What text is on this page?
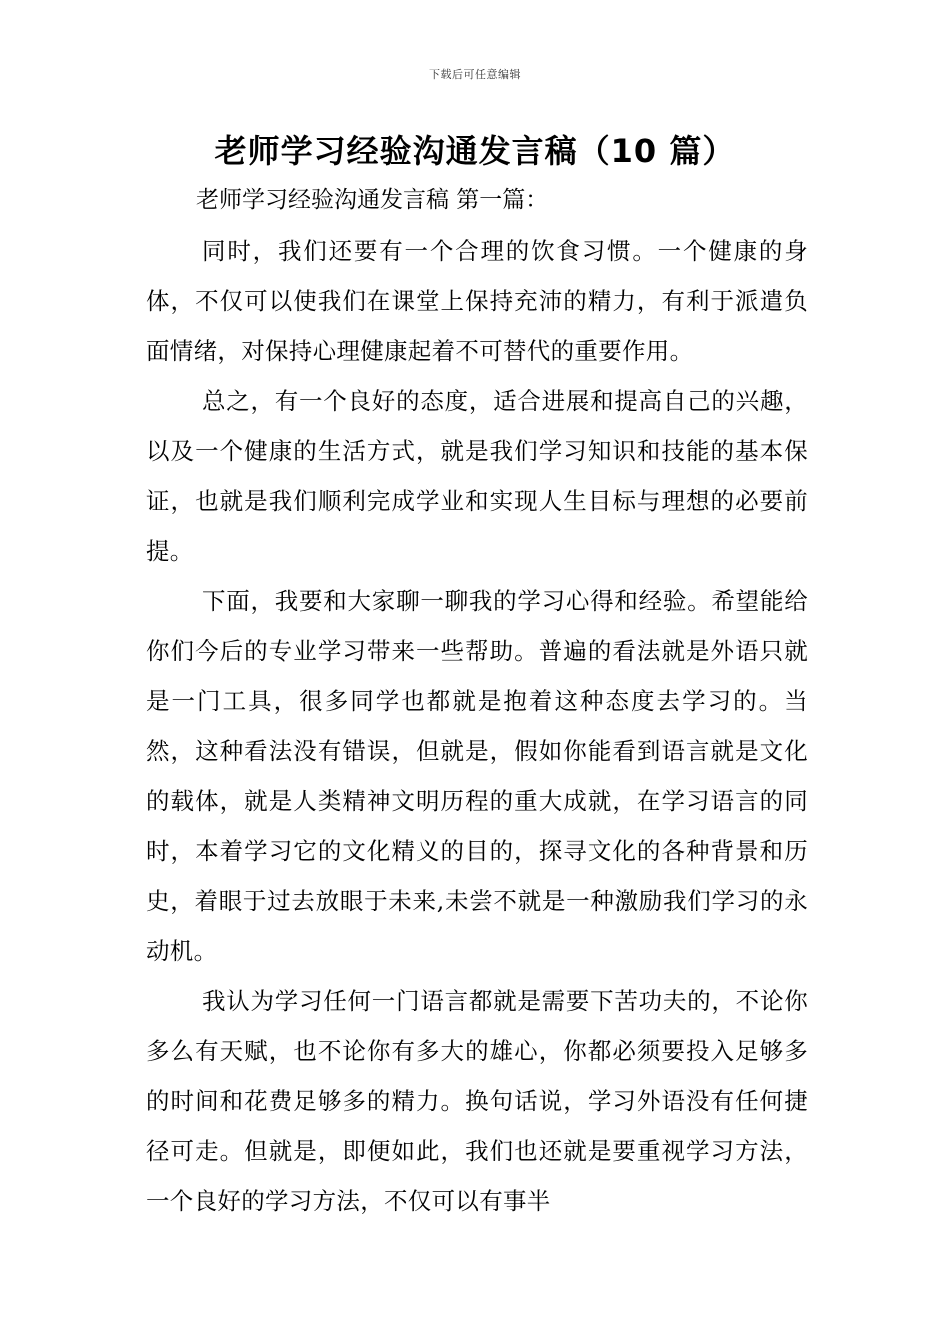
下载后可任意编辑
老师学习经验沟通发言稿（10 篇）

老师学习经验沟通发言稿 第一篇：

同时，我们还要有一个合理的饮食习惯。一个健康的身体，不仅可以使我们在课堂上保持充沛的精力，有利于派遣负面情绪，对保持心理健康起着不可替代的重要作用。

总之，有一个良好的态度，适合进展和提高自己的兴趣，以及一个健康的生活方式，就是我们学习知识和技能的基本保证，也就是我们顺利完成学业和实现人生目标与理想的必要前提。

下面，我要和大家聊一聊我的学习心得和经验。希望能给你们今后的专业学习带来一些帮助。普遍的看法就是外语只就是一门工具，很多同学也都就是抱着这种态度去学习的。当然，这种看法没有错误，但就是，假如你能看到语言就是文化的载体，就是人类精神文明历程的重大成就，在学习语言的同时，本着学习它的文化精义的目的，探寻文化的各种背景和历史，着眼于过去放眼于未来,未尝不就是一种激励我们学习的永动机。

我认为学习任何一门语言都就是需要下苦功夫的，不论你多么有天赋，也不论你有多大的雄心，你都必须要投入足够多的时间和花费足够多的精力。换句话说，学习外语没有任何捷径可走。但就是，即便如此，我们也还就是要重视学习方法，一个良好的学习方法，不仅可以有事半
